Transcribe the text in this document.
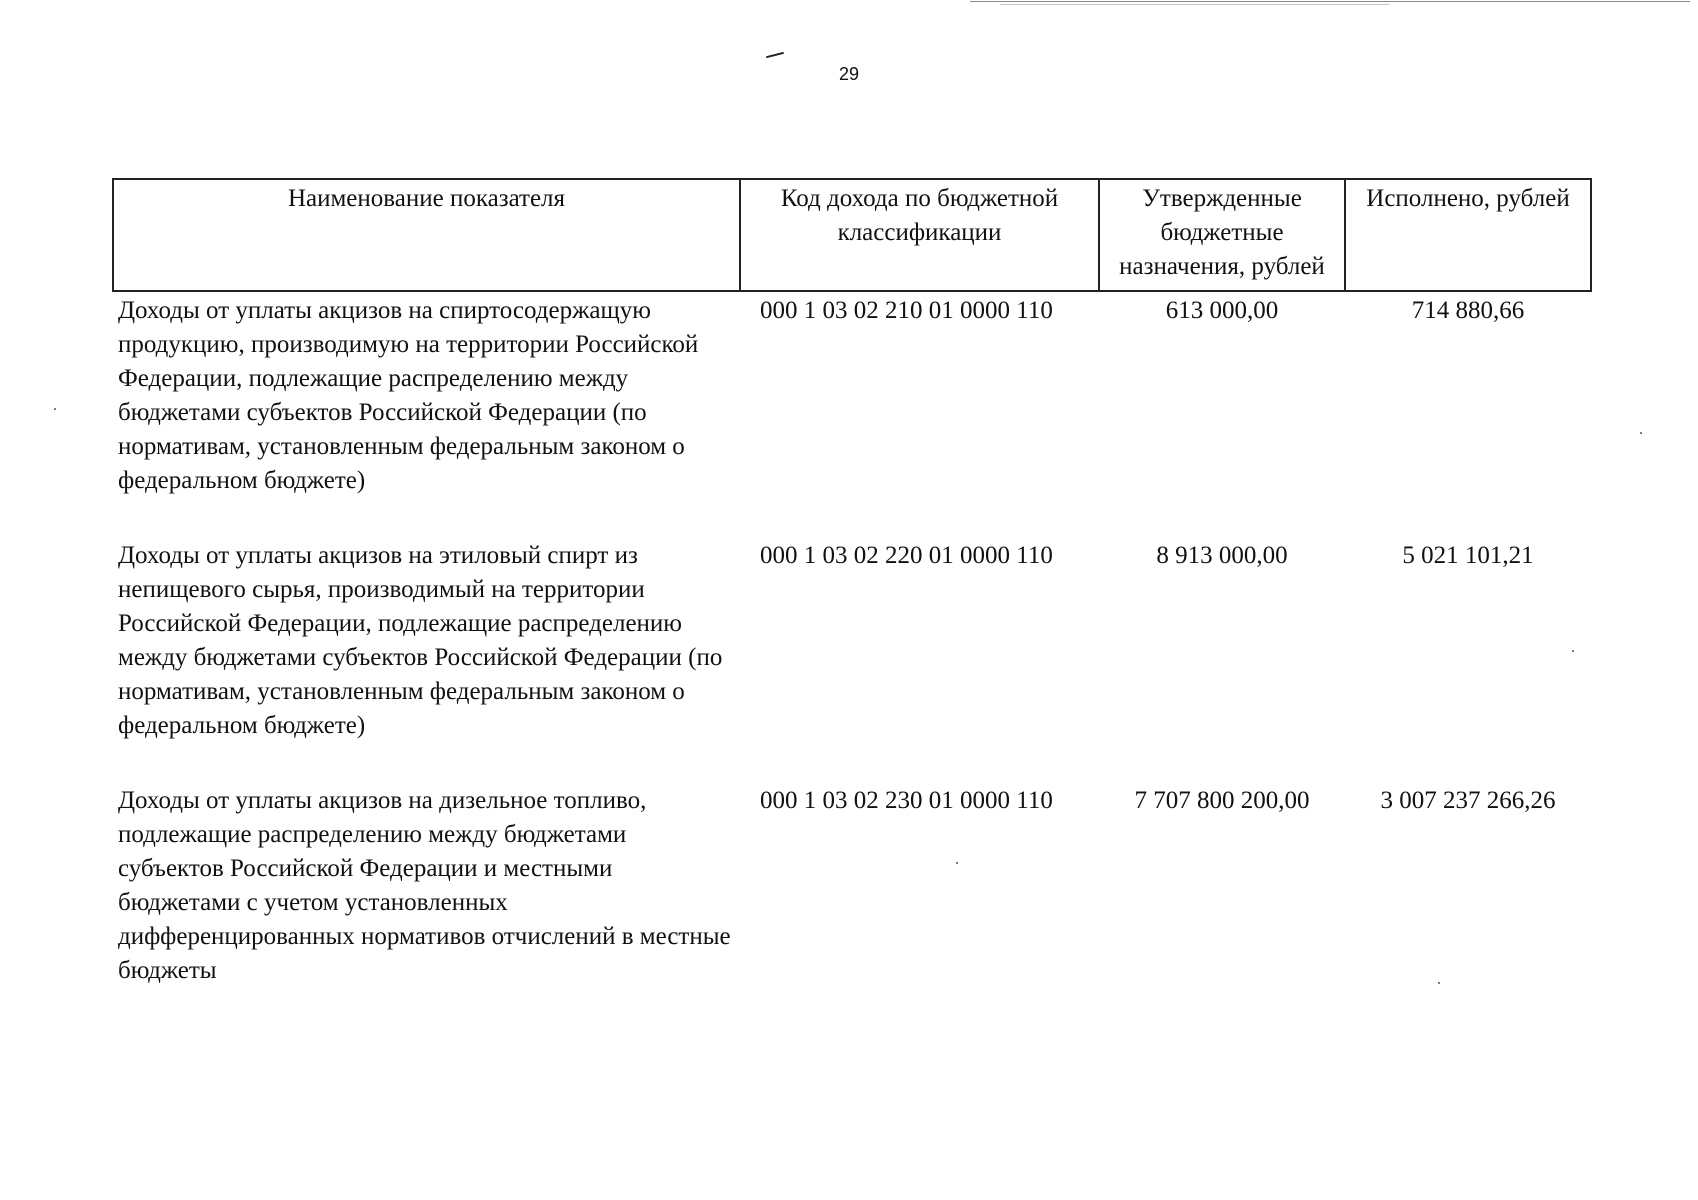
29
Наименование показателя	Код дохода по бюджетной классификации	Утвержденные бюджетные назначения, рублей	Исполнено, рублей
Доходы от уплаты акцизов на спиртосодержащую продукцию, производимую на территории Российской Федерации, подлежащие распределению между бюджетами субъектов Российской Федерации (по нормативам, установленным федеральным законом о федеральном бюджете)	000 1 03 02 210 01 0000 110	613 000,00	714 880,66
Доходы от уплаты акцизов на этиловый спирт из непищевого сырья, производимый на территории Российской Федерации, подлежащие распределению между бюджетами субъектов Российской Федерации (по нормативам, установленным федеральным законом о федеральном бюджете)	000 1 03 02 220 01 0000 110	8 913 000,00	5 021 101,21
Доходы от уплаты акцизов на дизельное топливо, подлежащие распределению между бюджетами субъектов Российской Федерации и местными бюджетами с учетом установленных дифференцированных нормативов отчислений в местные бюджеты	000 1 03 02 230 01 0000 110	7 707 800 200,00	3 007 237 266,26
